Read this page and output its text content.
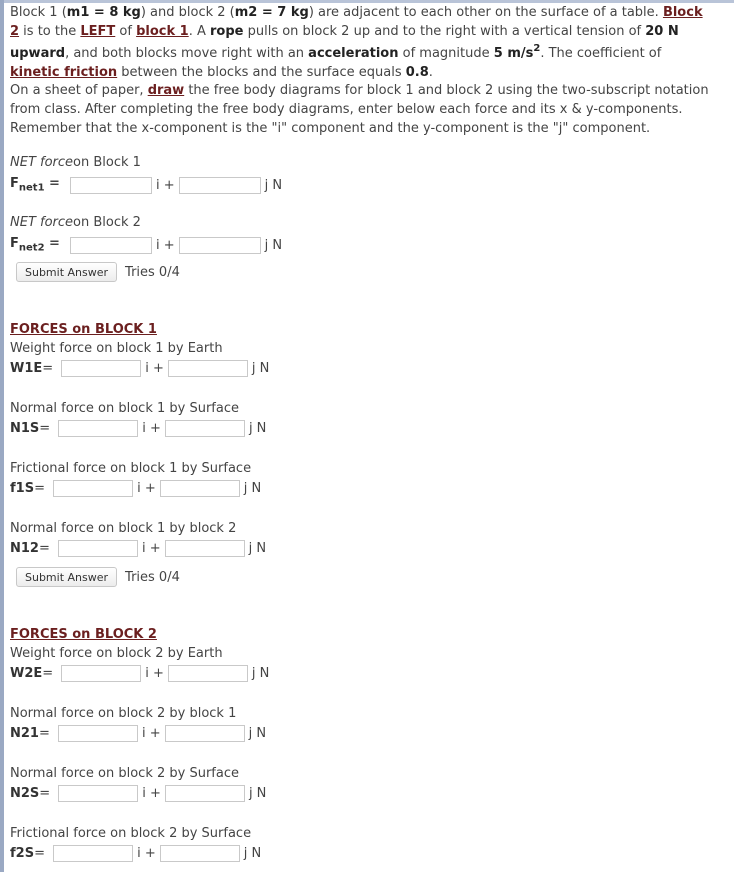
Block 1 (m1 = 8 kg) and block 2 (m2 = 7 kg) are adjacent to each other on the surface of a table. Block
2 is to the LEFT of block 1. A rope pulls on block 2 up and to the right with a vertical tension of 20 N
upward, and both blocks move right with an acceleration of magnitude 5 $m/s^2$. The coefficient of
kinetic friction between the blocks and the surface equals 0.8.
On a sheet of paper, draw the free body diagrams for block 1 and block 2 using the two-subscript notation
from class. After completing the free body diagrams, enter below each force and its x & y-components.
Remember that the x-component is the "i" component and the y-component is the "j" component.
NET force on Block 1
$F_{net1}$ =	i +	j N
NET force on Block 2
$F_{net2}$ =	i +	j N
Submit Answer	Tries 0/4
FORCES on BLOCK 1
Weight force on block 1 by Earth
W1E =	i +	j N
Normal force on block 1 by Surface
N1S =	i +	j N
Frictional force on block 1 by Surface
f1S =	i +	j N
Normal force on block 1 by block 2
N12 =	i +	j N
Submit Answer	Tries 0/4
FORCES on BLOCK 2
Weight force on block 2 by Earth
W2E =	i +	j N
Normal force on block 2 by block 1
N21 =	i +	j N
Normal force on block 2 by Surface
N2S =	i +	j N
Frictional force on block 2 by Surface
f2S =	i +	j N
